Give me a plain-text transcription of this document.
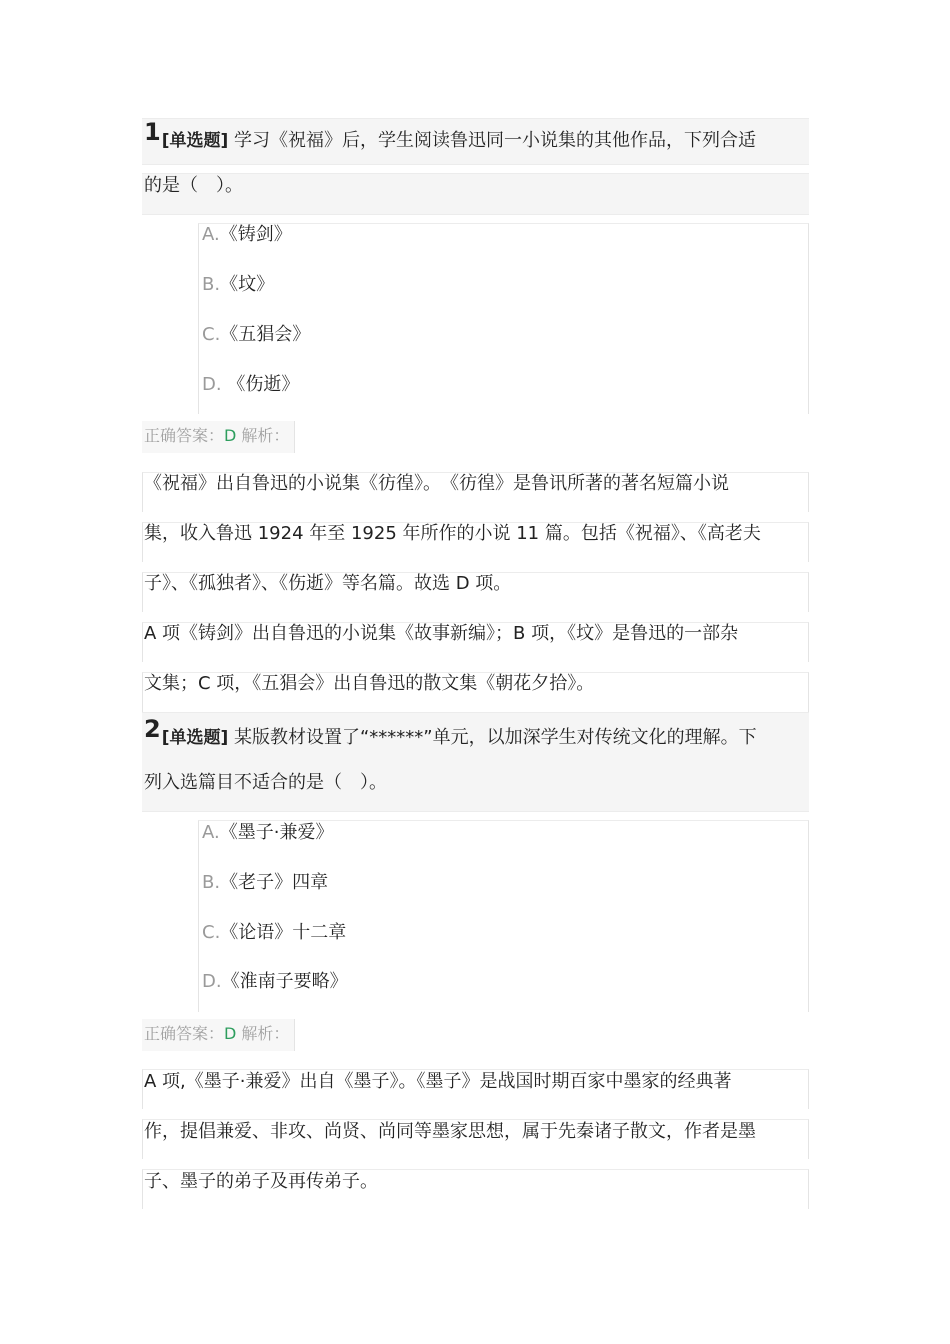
1[单选题] 学习《祝福》后，学生阅读鲁迅同一小说集的其他作品，下列合适
的是（　）。
A.《铸剑》
B.《坟》
C.《五猖会》
D. 《伤逝》
正确答案：D 解析：
《祝福》出自鲁迅的小说集《彷徨》。　《彷徨》是鲁讯所著的著名短篇小说
集，收入鲁迅 1924 年至 1925 年所作的小说 11 篇。包括《祝福》、《高老夫
子》、《孤独者》、《伤逝》等名篇。故选 D 项。
A 项《铸剑》出自鲁迅的小说集《故事新编》；B 项，《坟》是鲁迅的一部杂
文集；C 项，《五猖会》出自鲁迅的散文集《朝花夕拾》。
2[单选题] 某版教材设置了“******”单元，以加深学生对传统文化的理解。下
列入选篇目不适合的是（　）。
A.《墨子·兼爱》
B.《老子》四章
C.《论语》十二章
D.《淮南子要略》
正确答案：D 解析：
A 项,《墨子·兼爱》出自《墨子》。《墨子》是战国时期百家中墨家的经典著
作，提倡兼爱、非攻、尚贤、尚同等墨家思想，属于先秦诸子散文，作者是墨
子、墨子的弟子及再传弟子。
